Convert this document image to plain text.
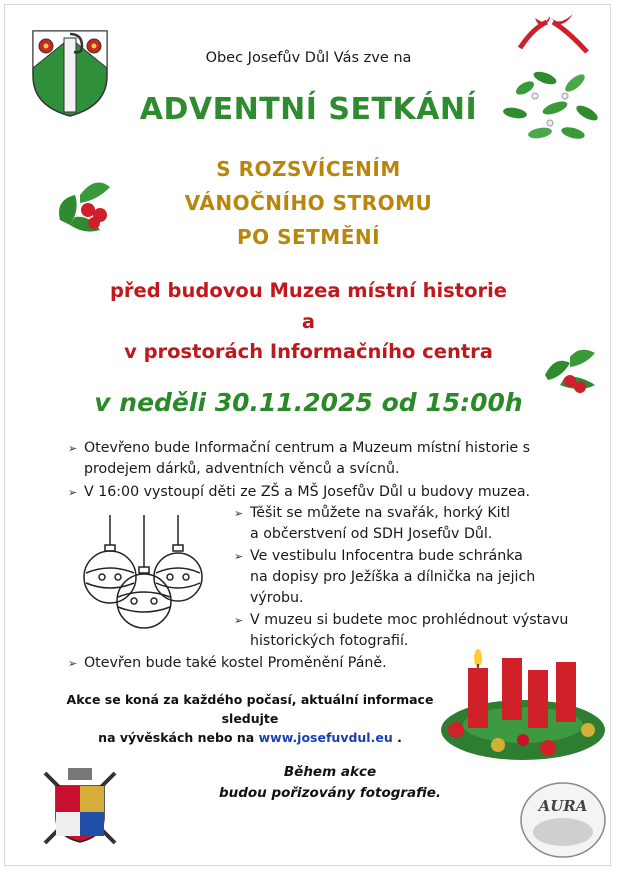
Obec Josefův Důl Vás zve na
ADVENTNÍ SETKÁNÍ
S ROZSVÍCENÍM
VÁNOČNÍHO STROMU
PO SETMĚNÍ
před budovou Muzea místní historie
a
v prostorách Informačního centra
v neděli 30.11.2025 od 15:00h
➢ Otevřeno bude Informační centrum a Muzeum místní historie s
prodejem dárků, adventních věnců a svícnů.
➢ V 16:00 vystoupí děti ze ZŠ a MŠ Josefův Důl u budovy muzea.
➢ Těšit se můžete na svařák, horký Kitl
a občerstvení od SDH Josefův Důl.
➢ Ve vestibulu Infocentra bude schránka
na dopisy pro Ježíška a dílnička na jejich
výrobu.
➢ V muzeu si budete moc prohlédnout výstavu
historických fotografií.
➢ Otevřen bude také kostel Proměnění Páně.
Akce se koná za každého počasí, aktuální informace
sledujte
na vývěskách nebo na www.josefuvdul.eu .
Během akce
budou pořizovány fotografie.
AURA
